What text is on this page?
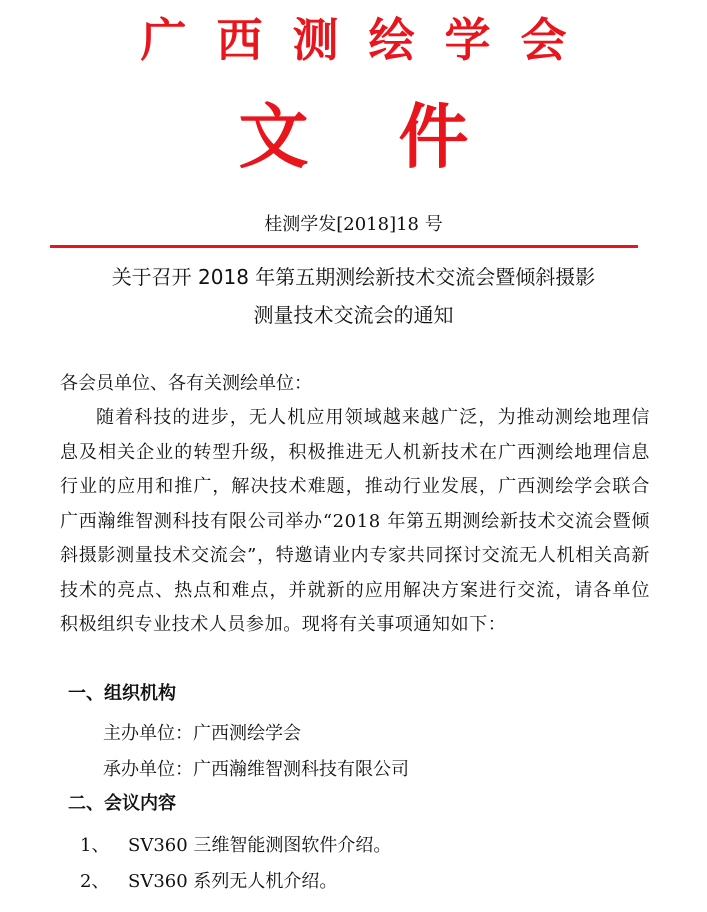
广西测绘学会
文件
桂测学发[2018]18 号
关于召开 2018 年第五期测绘新技术交流会暨倾斜摄影
测量技术交流会的通知
各会员单位、各有关测绘单位：
随着科技的进步，无人机应用领域越来越广泛，为推动测绘地理信息及相关企业的转型升级，积极推进无人机新技术在广西测绘地理信息行业的应用和推广，解决技术难题，推动行业发展，广西测绘学会联合广西瀚维智测科技有限公司举办“2018 年第五期测绘新技术交流会暨倾斜摄影测量技术交流会”，特邀请业内专家共同探讨交流无人机相关高新技术的亮点、热点和难点，并就新的应用解决方案进行交流，请各单位积极组织专业技术人员参加。现将有关事项通知如下：
一、组织机构
主办单位：广西测绘学会
承办单位：广西瀚维智测科技有限公司
二、会议内容
1、 SV360 三维智能测图软件介绍。
2、 SV360 系列无人机介绍。
